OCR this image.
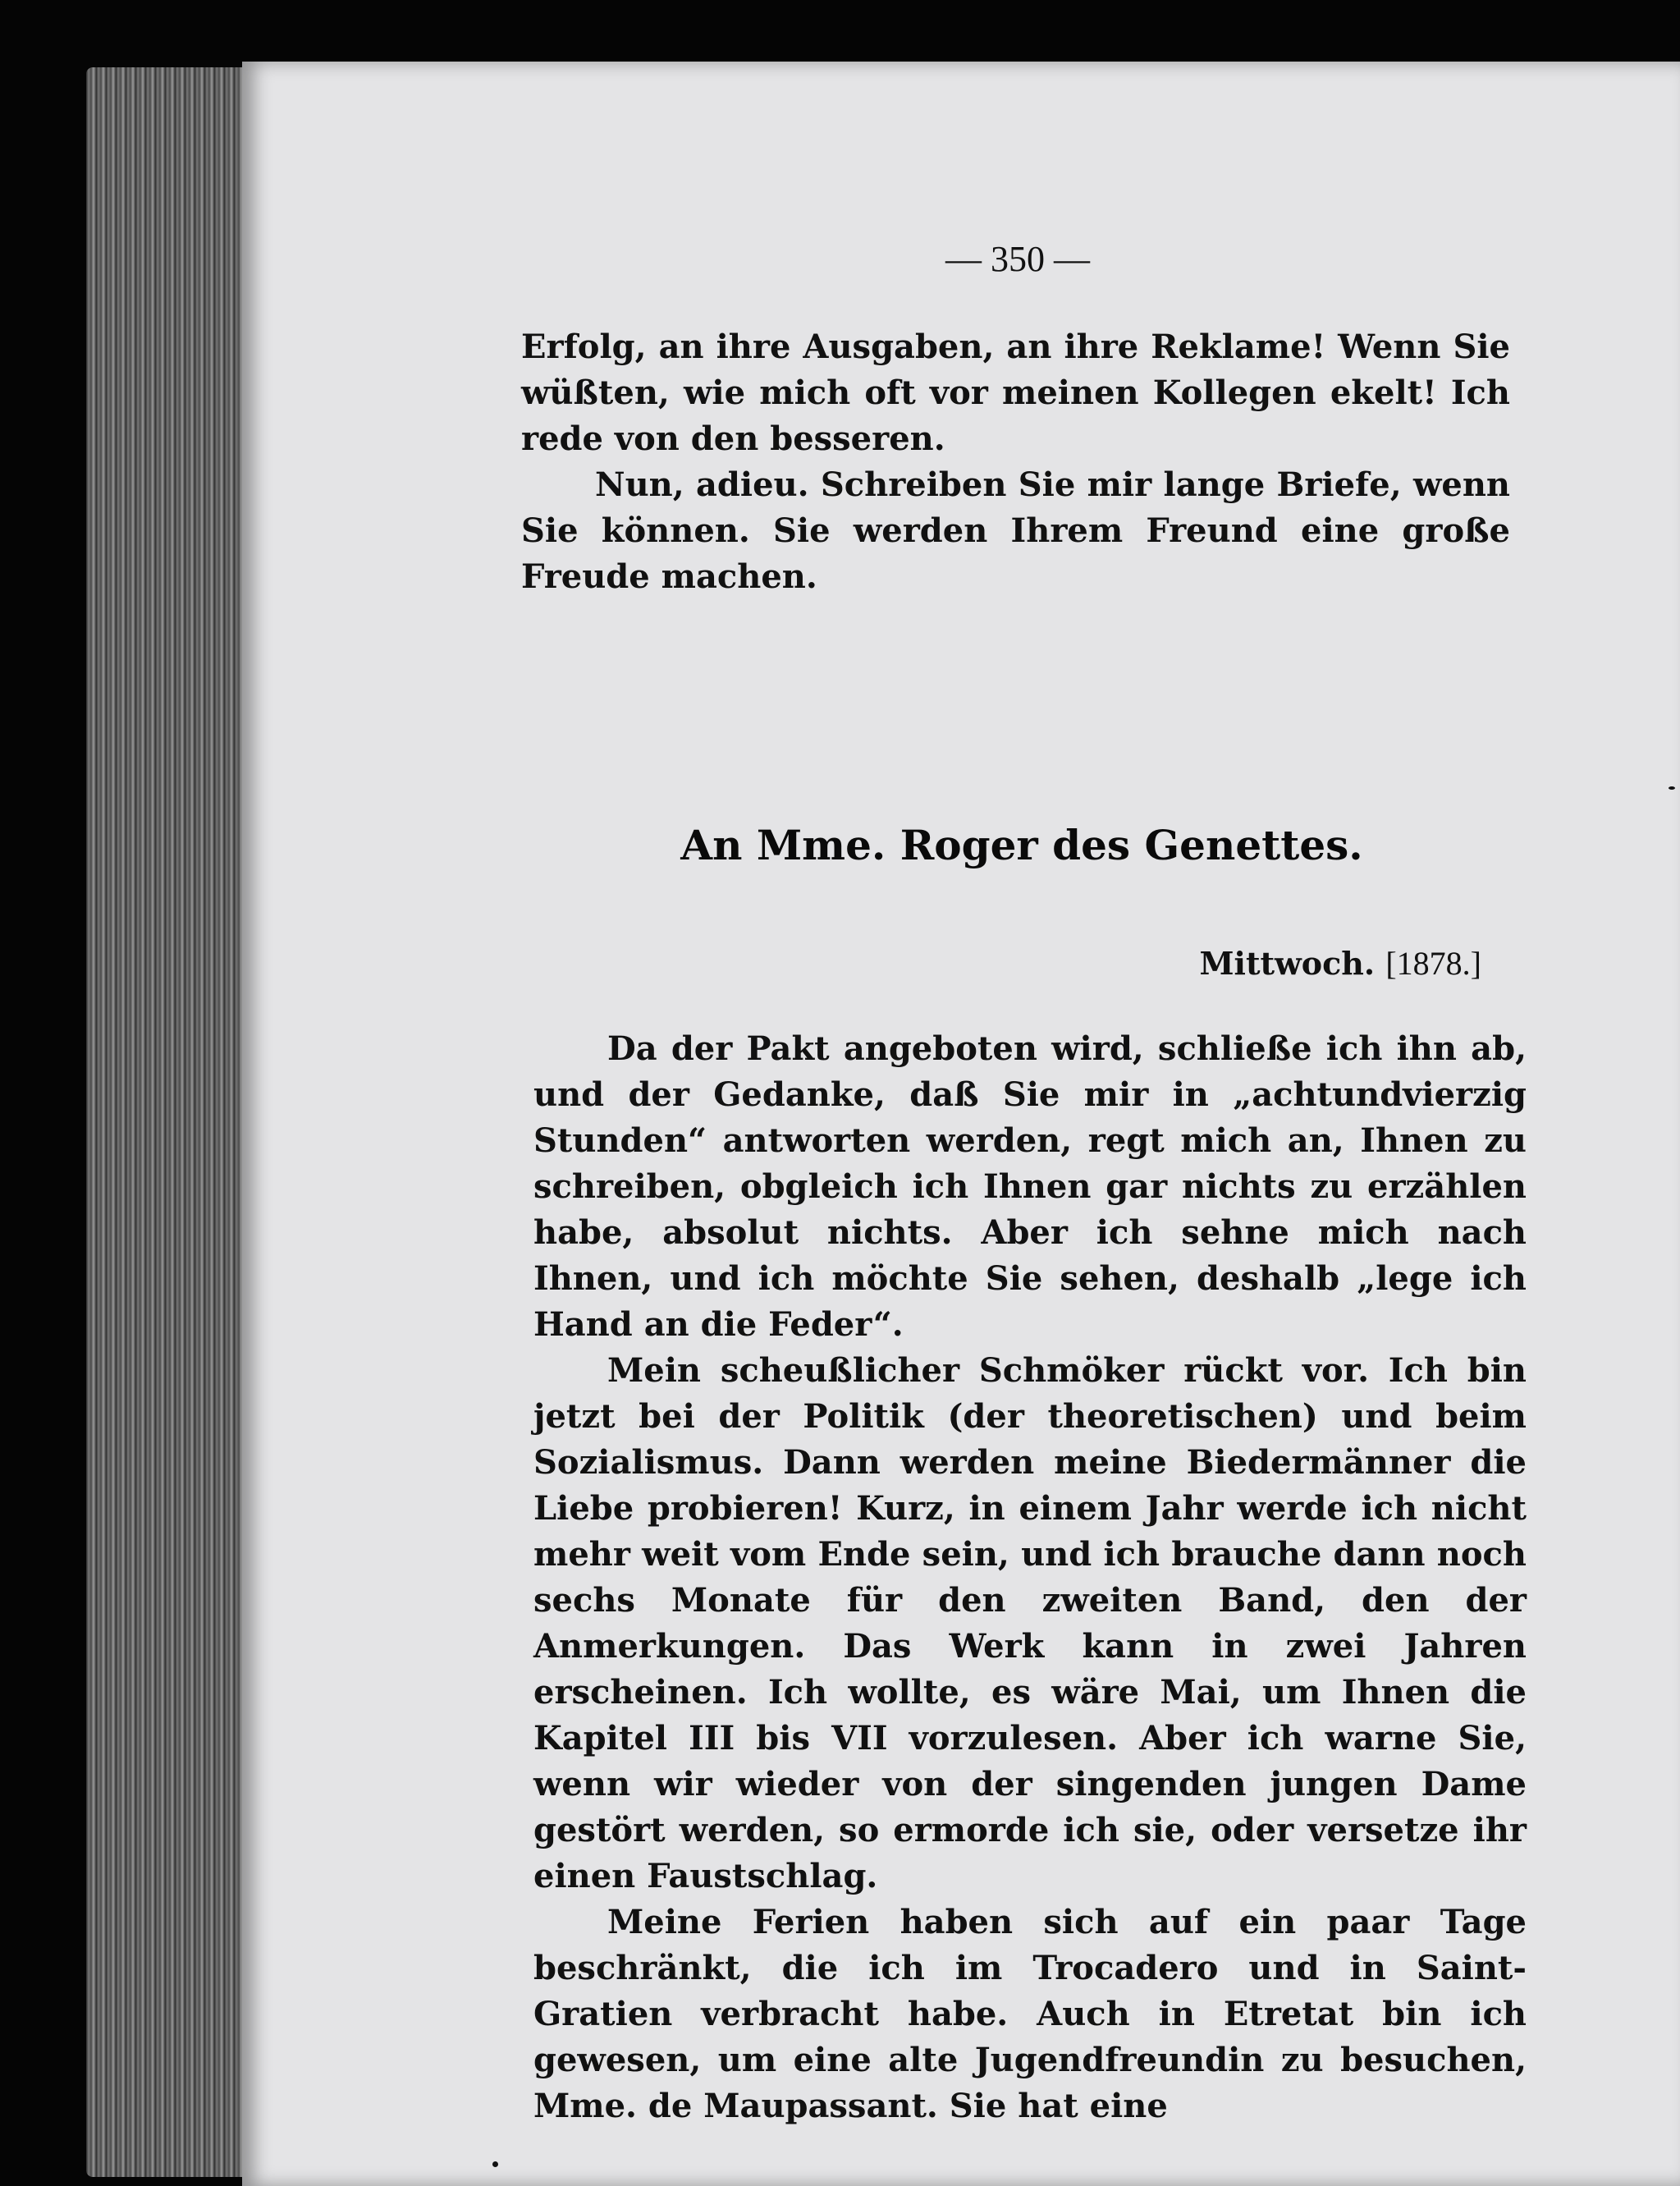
— 350 —

Erfolg, an ihre Ausgaben, an ihre Reklame! Wenn Sie wüßten, wie mich oft vor meinen Kollegen ekelt! Ich rede von den besseren.

Nun, adieu. Schreiben Sie mir lange Briefe, wenn Sie können. Sie werden Ihrem Freund eine große Freude machen.

An Mme. Roger des Genettes.
Mittwoch. [1878.]

Da der Pakt angeboten wird, schließe ich ihn ab, und der Gedanke, daß Sie mir in „achtundvierzig Stunden“ antworten werden, regt mich an, Ihnen zu schreiben, obgleich ich Ihnen gar nichts zu erzählen habe, absolut nichts. Aber ich sehne mich nach Ihnen, und ich möchte Sie sehen, deshalb „lege ich Hand an die Feder“.

Mein scheußlicher Schmöker rückt vor. Ich bin jetzt bei der Politik (der theoretischen) und beim Sozialismus. Dann werden meine Biedermänner die Liebe probieren! Kurz, in einem Jahr werde ich nicht mehr weit vom Ende sein, und ich brauche dann noch sechs Monate für den zweiten Band, den der Anmerkungen. Das Werk kann in zwei Jahren erscheinen. Ich wollte, es wäre Mai, um Ihnen die Kapitel III bis VII vorzulesen. Aber ich warne Sie, wenn wir wieder von der singenden jungen Dame gestört werden, so ermorde ich sie, oder versetze ihr einen Faustschlag.

Meine Ferien haben sich auf ein paar Tage beschränkt, die ich im Trocadero und in Saint-Gratien verbracht habe. Auch in Etretat bin ich gewesen, um eine alte Jugendfreundin zu besuchen, Mme. de Maupassant. Sie hat eine
